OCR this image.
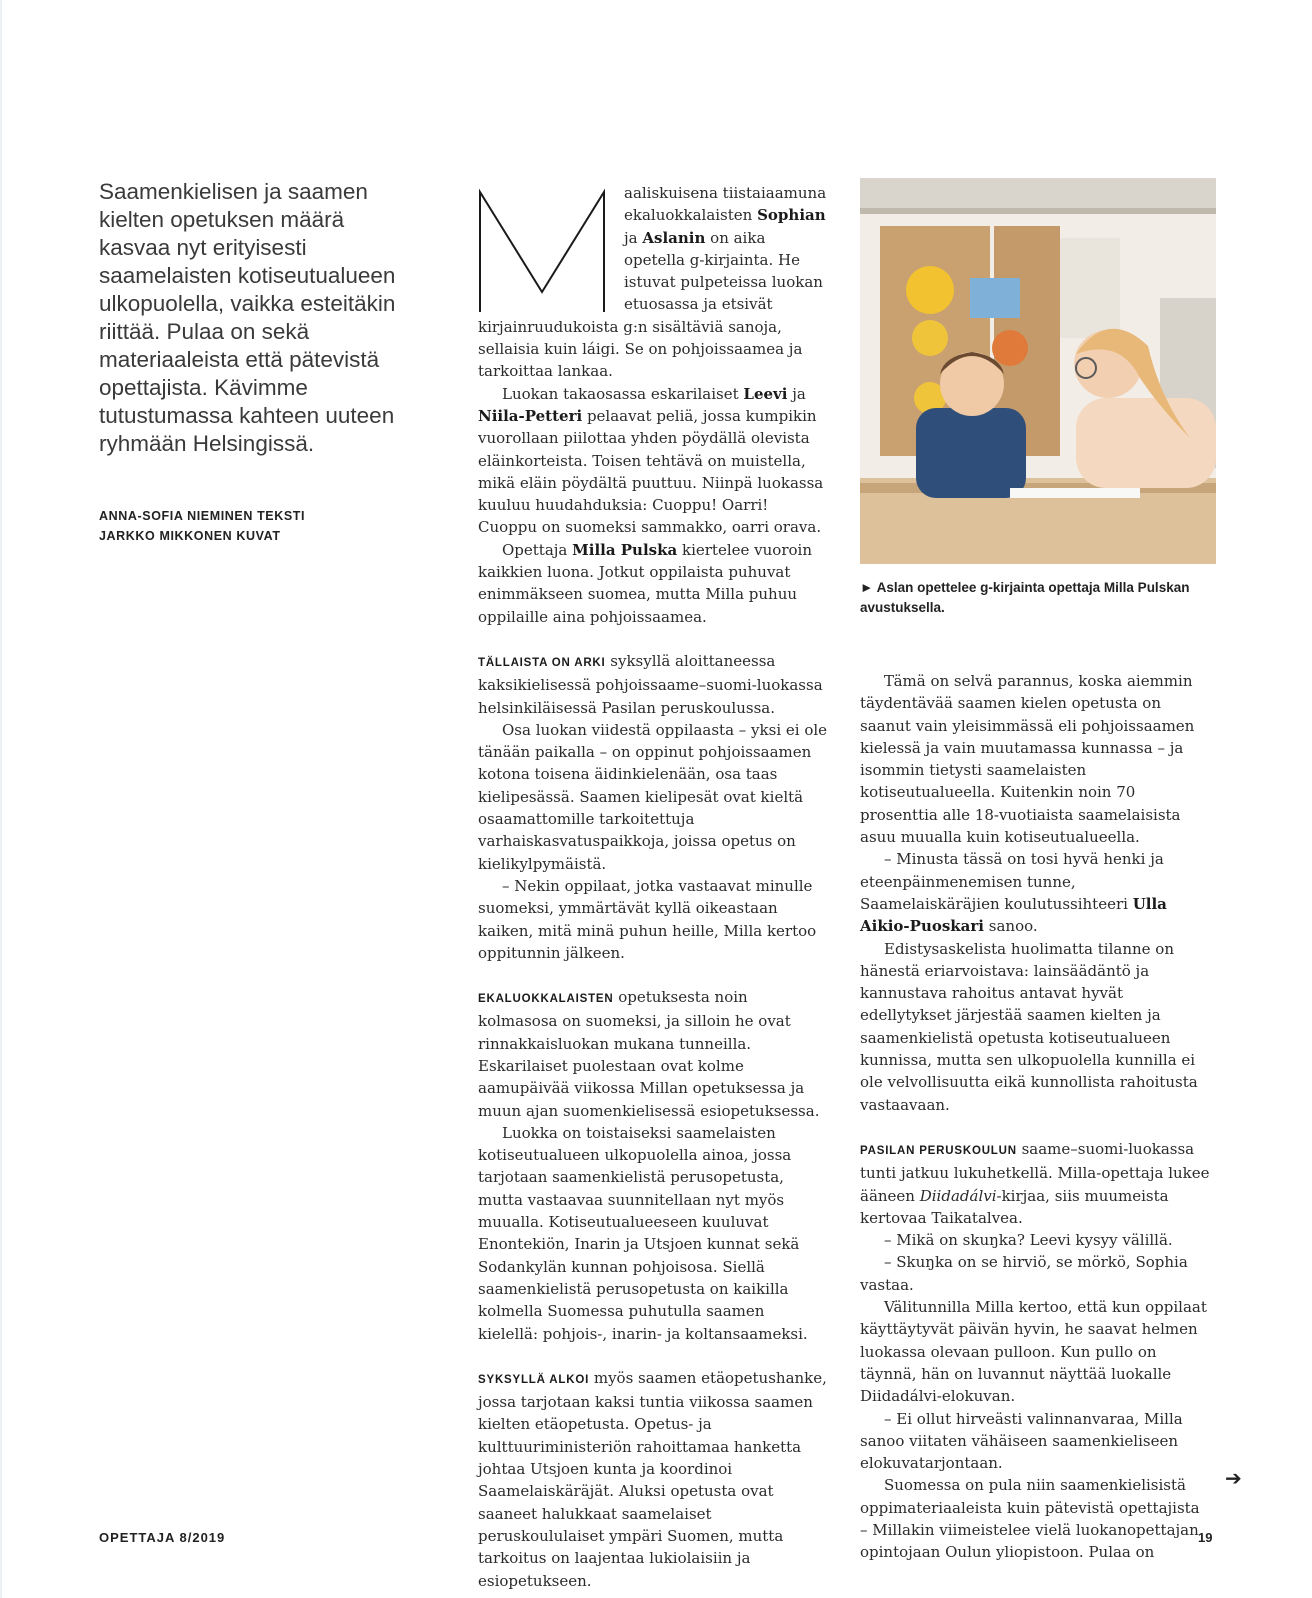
Saamenkielisen ja saamen kielten opetuksen määrä kasvaa nyt erityisesti saamelaisten kotiseutualueen ulkopuolella, vaikka esteitäkin riittää. Pulaa on sekä materiaaleista että pätevistä opettajista. Kävimme tutustumassa kahteen uuteen ryhmään Helsingissä.

ANNA-SOFIA NIEMINEN TEKSTI
JARKKO MIKKONEN KUVAT
M	aaliskuisena tiistaiaamuna ekaluokkalaisten Sophian ja Aslanin on aika opetella g-kirjainta. He istuvat pulpeteissa luokan etuosassa ja etsivät kirjainruudukoista g:n sisältäviä sanoja, sellaisia kuin láigi. Se on pohjoissaamea ja tarkoittaa lankaa.

Luokan takaosassa eskarilaiset Leevi ja Niila-Petteri pelaavat peliä, jossa kumpikin vuorollaan piilottaa yhden pöydällä olevista eläinkorteista. Toisen tehtävä on muistella, mikä eläin pöydältä puuttuu. Niinpä luokassa kuuluu huudahduksia: Cuoppu! Oarri! Cuoppu on suomeksi sammakko, oarri orava.

Opettaja Milla Pulska kiertelee vuoroin kaikkien luona. Jotkut oppilaista puhuvat enimmäkseen suomea, mutta Milla puhuu oppilaille aina pohjoissaamea.

TÄLLAISTA ON ARKI syksyllä aloittaneessa kaksikielisessä pohjoissaame–suomi-luokassa helsinkiläisessä Pasilan peruskoulussa.

Osa luokan viidestä oppilaasta – yksi ei ole tänään paikalla – on oppinut pohjoissaamen kotona toisena äidinkielenään, osa taas kielipesässä. Saamen kielipesät ovat kieltä osaamattomille tarkoitettuja varhaiskasvatuspaikkoja, joissa opetus on kielikylpymäistä.

– Nekin oppilaat, jotka vastaavat minulle suomeksi, ymmärtävät kyllä oikeastaan kaiken, mitä minä puhun heille, Milla kertoo oppitunnin jälkeen.

EKALUOKKALAISTEN opetuksesta noin kolmasosa on suomeksi, ja silloin he ovat rinnakkaisluokan mukana tunneilla. Eskarilaiset puolestaan ovat kolme aamupäivää viikossa Millan opetuksessa ja muun ajan suomenkielisessä esiopetuksessa.

Luokka on toistaiseksi saamelaisten kotiseutualueen ulkopuolella ainoa, jossa tarjotaan saamenkielistä perusopetusta, mutta vastaavaa suunnitellaan nyt myös muualla. Kotiseutualueeseen kuuluvat Enontekiön, Inarin ja Utsjoen kunnat sekä Sodankylän kunnan pohjoisosa. Siellä saamenkielistä perusopetusta on kaikilla kolmella Suomessa puhutulla saamen kielellä: pohjois-, inarin- ja koltansaameksi.

SYKSYLLÄ ALKOI myös saamen etäopetushanke, jossa tarjotaan kaksi tuntia viikossa saamen kielten etäopetusta. Opetus- ja kulttuuriministeriön rahoittamaa hanketta johtaa Utsjoen kunta ja koordinoi Saamelaiskäräjät. Aluksi opetusta ovat saaneet halukkaat saamelaiset peruskoululaiset ympäri Suomen, mutta tarkoitus on laajentaa lukiolaisiin ja esiopetukseen.

► Aslan opettelee g-kirjainta opettaja Milla Pulskan avustuksella.

Tämä on selvä parannus, koska aiemmin täydentävää saamen kielen opetusta on saanut vain yleisimmässä eli pohjoissaamen kielessä ja vain muutamassa kunnassa – ja isommin tietysti saamelaisten kotiseutualueella. Kuitenkin noin 70 prosenttia alle 18-vuotiaista saamelaisista asuu muualla kuin kotiseutualueella.

– Minusta tässä on tosi hyvä henki ja eteenpäinmenemisen tunne, Saamelaiskäräjien koulutussihteeri Ulla Aikio-Puoskari sanoo.

Edistysaskelista huolimatta tilanne on hänestä eriarvoistava: lainsäädäntö ja kannustava rahoitus antavat hyvät edellytykset järjestää saamen kielten ja saamenkielistä opetusta kotiseutualueen kunnissa, mutta sen ulkopuolella kunnilla ei ole velvollisuutta eikä kunnollista rahoitusta vastaavaan.

PASILAN PERUSKOULUN saame–suomi-luokassa tunti jatkuu lukuhetkellä. Milla-opettaja lukee ääneen Diidadálvi-kirjaa, siis muumeista kertovaa Taikatalvea.

– Mikä on skuŋka? Leevi kysyy välillä.

– Skuŋka on se hirviö, se mörkö, Sophia vastaa.

Välitunnilla Milla kertoo, että kun oppilaat käyttäytyvät päivän hyvin, he saavat helmen luokassa olevaan pulloon. Kun pullo on täynnä, hän on luvannut näyttää luokalle Diidadálvi-elokuvan.

– Ei ollut hirveästi valinnanvaraa, Milla sanoo viitaten vähäiseen saamenkieliseen elokuvatarjontaan.

Suomessa on pula niin saamenkielisistä oppimateriaaleista kuin pätevistä opettajista – Millakin viimeistelee vielä luokanopettajan opintojaan Oulun yliopistoon. Pulaa on

➔
OPETTAJA 8/2019	19
